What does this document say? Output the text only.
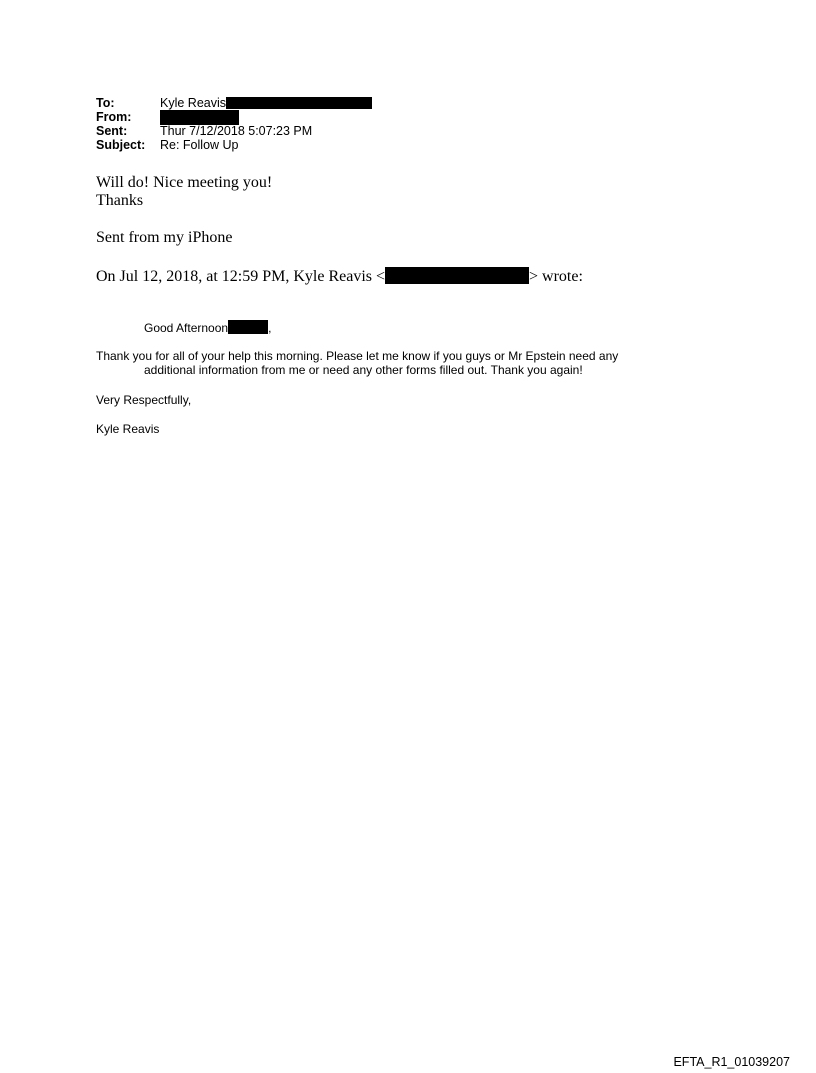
To:	Kyle Reavis
From:
Sent:	Thur 7/12/2018 5:07:23 PM
Subject: Re: Follow Up
Will do! Nice meeting you!
Thanks
Sent from my iPhone
On Jul 12, 2018, at 12:59 PM, Kyle Reavis <	> wrote:
Good Afternoon	,
Thank you for all of your help this morning. Please let me know if you guys or Mr Epstein need any
additional information from me or need any other forms filled out. Thank you again!
Very Respectfully,
Kyle Reavis
EFTA_R1_01039207
